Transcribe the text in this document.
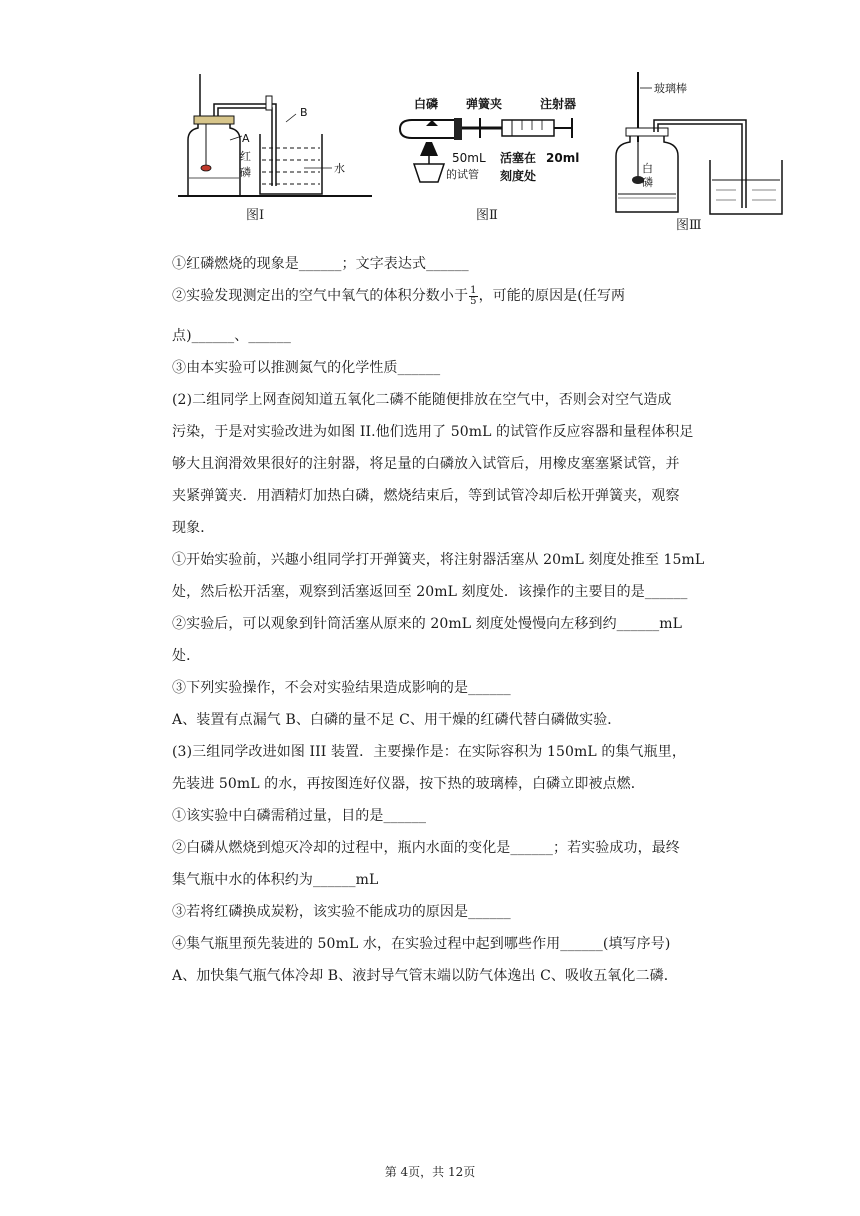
A
B
红
磷	水
图Ⅰ
白磷 弹簧夹	注射器
50mL
的试管
活塞在
刻度处
20ml
图Ⅱ
玻璃棒
白
磷
图Ⅲ
①红磷燃烧的现象是______；文字表达式______
②实验发现测定出的空气中氧气的体积分数小于 $\frac{1}{5}$ ，可能的原因是(任写两
点)______、______
③由本实验可以推测氮气的化学性质______
(2)二组同学上网查阅知道五氧化二磷不能随便排放在空气中，否则会对空气造成
污染，于是对实验改进为如图 II.他们选用了 50mL 的试管作反应容器和量程体积足
够大且润滑效果很好的注射器，将足量的白磷放入试管后，用橡皮塞塞紧试管，并
夹紧弹簧夹．用酒精灯加热白磷，燃烧结束后，等到试管冷却后松开弹簧夹，观察
现象．
①开始实验前，兴趣小组同学打开弹簧夹，将注射器活塞从 20mL 刻度处推至 15mL
处，然后松开活塞，观察到活塞返回至 20mL 刻度处．该操作的主要目的是______
②实验后，可以观象到针筒活塞从原来的 20mL 刻度处慢慢向左移到约______mL
处．
③下列实验操作，不会对实验结果造成影响的是______
A、装置有点漏气 B、白磷的量不足 C、用干燥的红磷代替白磷做实验．
(3)三组同学改进如图 III 装置．主要操作是：在实际容积为 150mL 的集气瓶里，
先装进 50mL 的水，再按图连好仪器，按下热的玻璃棒，白磷立即被点燃．
①该实验中白磷需稍过量，目的是______
②白磷从燃烧到熄灭冷却的过程中，瓶内水面的变化是______；若实验成功，最终
集气瓶中水的体积约为______mL
③若将红磷换成炭粉，该实验不能成功的原因是______
④集气瓶里预先装进的 50mL 水，在实验过程中起到哪些作用______(填写序号)
A、加快集气瓶气体冷却 B、液封导气管末端以防气体逸出 C、吸收五氧化二磷．
第 4页，共 12页
